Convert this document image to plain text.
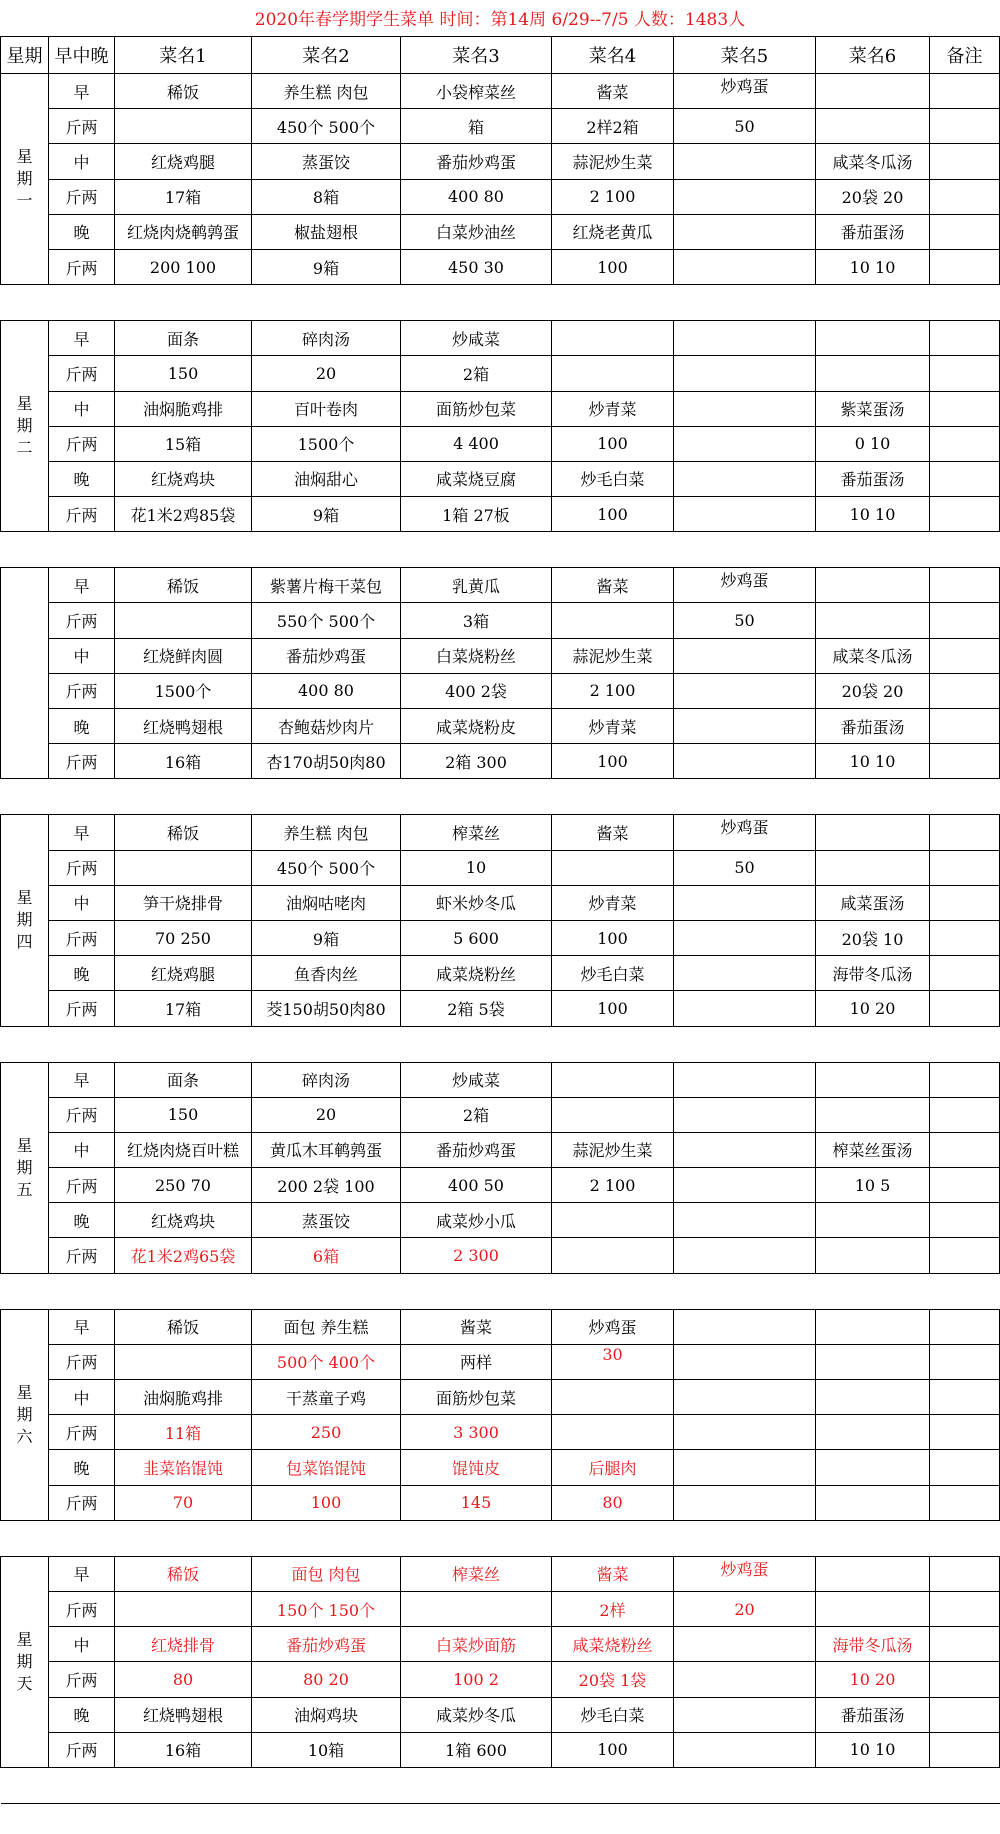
2020年春学期学生菜单 时间：第14周 6/29--7/5 人数：1483人
星期	早中晚	菜名1	菜名2	菜名3	菜名4	菜名5	菜名6	备注

星
期
一	早	稀饭	养生糕 肉包	小袋榨菜丝	酱菜	炒鸡蛋		
	斤两		450个 500个	箱	2样2箱	50		
	中	红烧鸡腿	蒸蛋饺	番茄炒鸡蛋	蒜泥炒生菜		咸菜冬瓜汤	
	斤两	17箱	8箱	400 80	2 100		20袋 20	
	晚	红烧肉烧鹌鹑蛋	椒盐翅根	白菜炒油丝	红烧老黄瓜		番茄蛋汤	
	斤两	200 100	9箱	450 30	100		10 10	

星
期
二	早	面条	碎肉汤	炒咸菜				
	斤两	150	20	2箱				
	中	油焖脆鸡排	百叶卷肉	面筋炒包菜	炒青菜		紫菜蛋汤	
	斤两	15箱	1500个	4 400	100		0 10	
	晚	红烧鸡块	油焖甜心	咸菜烧豆腐	炒毛白菜		番茄蛋汤	
	斤两	花1米2鸡85袋	9箱	1箱 27板	100		10 10	

	早	稀饭	紫薯片梅干菜包	乳黄瓜	酱菜	炒鸡蛋		
	斤两		550个 500个	3箱		50		
	中	红烧鲜肉圆	番茄炒鸡蛋	白菜烧粉丝	蒜泥炒生菜		咸菜冬瓜汤	
	斤两	1500个	400 80	400 2袋	2 100		20袋 20	
	晚	红烧鸭翅根	杏鲍菇炒肉片	咸菜烧粉皮	炒青菜		番茄蛋汤	
	斤两	16箱	杏170胡50肉80	2箱 300	100		10 10	

星
期
四	早	稀饭	养生糕 肉包	榨菜丝	酱菜	炒鸡蛋		
	斤两		450个 500个	10		50		
	中	笋干烧排骨	油焖咕咾肉	虾米炒冬瓜	炒青菜		咸菜蛋汤	
	斤两	70 250	9箱	5 600	100		20袋 10	
	晚	红烧鸡腿	鱼香肉丝	咸菜烧粉丝	炒毛白菜		海带冬瓜汤	
	斤两	17箱	茭150胡50肉80	2箱 5袋	100		10 20	

星
期
五	早	面条	碎肉汤	炒咸菜				
	斤两	150	20	2箱				
	中	红烧肉烧百叶糕	黄瓜木耳鹌鹑蛋	番茄炒鸡蛋	蒜泥炒生菜		榨菜丝蛋汤	
	斤两	250 70	200 2袋 100	400 50	2 100		10 5	
	晚	红烧鸡块	蒸蛋饺	咸菜炒小瓜				
	斤两	花1米2鸡65袋	6箱	2 300				

星
期
六	早	稀饭	面包 养生糕	酱菜	炒鸡蛋			
	斤两		500个 400个	两样	30			
	中	油焖脆鸡排	干蒸童子鸡	面筋炒包菜				
	斤两	11箱	250	3 300				
	晚	韭菜馅馄饨	包菜馅馄饨	馄饨皮	后腿肉			
	斤两	70	100	145	80			

星
期
天	早	稀饭	面包 肉包	榨菜丝	酱菜	炒鸡蛋		
	斤两		150个 150个		2样	20		
	中	红烧排骨	番茄炒鸡蛋	白菜炒面筋	咸菜烧粉丝		海带冬瓜汤	
	斤两	80	80 20	100 2	20袋 1袋		10 20	
	晚	红烧鸭翅根	油焖鸡块	咸菜炒冬瓜	炒毛白菜		番茄蛋汤	
	斤两	16箱	10箱	1箱 600	100		10 10	
